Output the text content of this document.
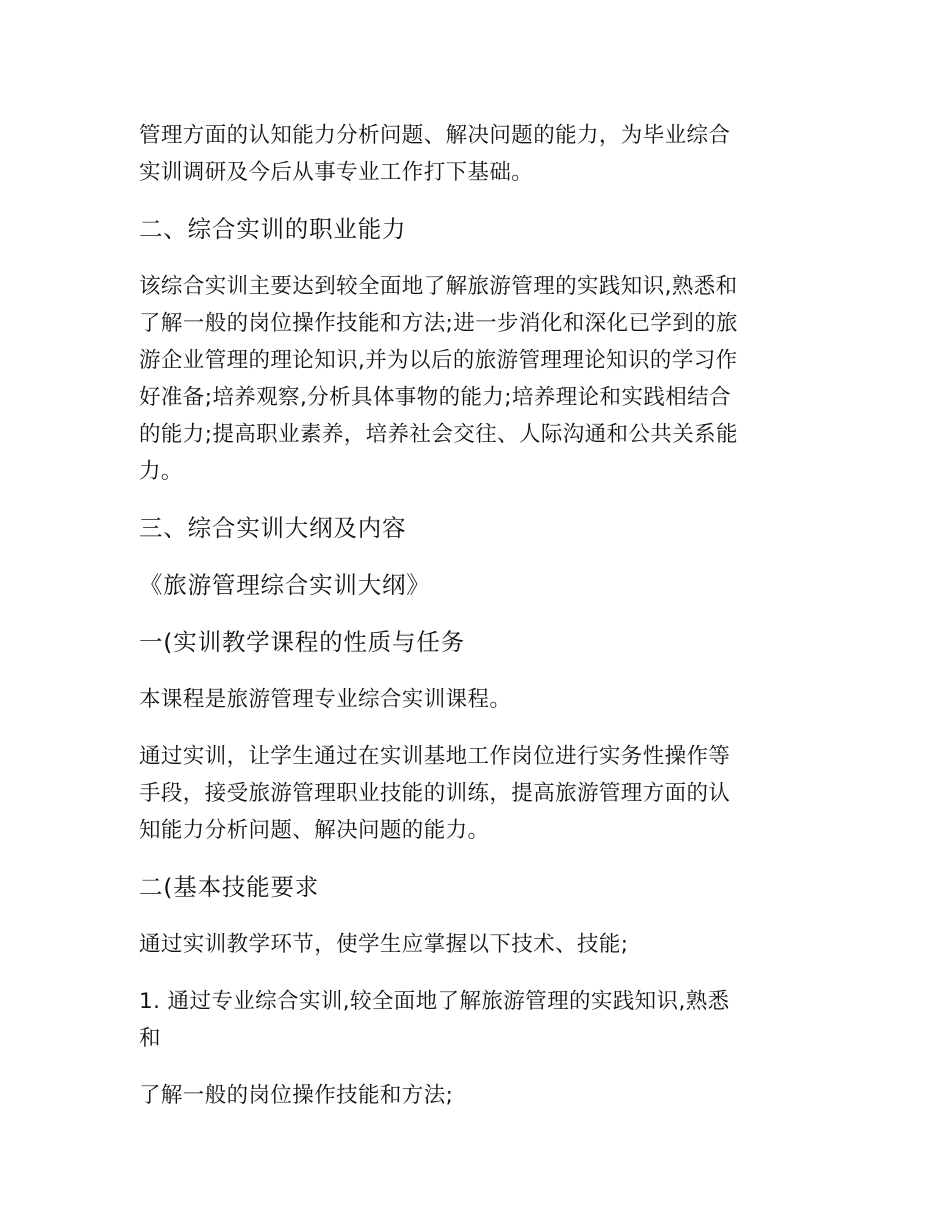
管理方面的认知能力分析问题、解决问题的能力，为毕业综合

实训调研及今后从事专业工作打下基础。

二、综合实训的职业能力

该综合实训主要达到较全面地了解旅游管理的实践知识,熟悉和

了解一般的岗位操作技能和方法;进一步消化和深化已学到的旅

游企业管理的理论知识,并为以后的旅游管理理论知识的学习作

好准备;培养观察,分析具体事物的能力;培养理论和实践相结合

的能力;提高职业素养，培养社会交往、人际沟通和公共关系能

力。

三、综合实训大纲及内容

《旅游管理综合实训大纲》

一(实训教学课程的性质与任务

本课程是旅游管理专业综合实训课程。

通过实训，让学生通过在实训基地工作岗位进行实务性操作等

手段，接受旅游管理职业技能的训练，提高旅游管理方面的认

知能力分析问题、解决问题的能力。

二(基本技能要求

通过实训教学环节，使学生应掌握以下技术、技能;

1. 通过专业综合实训,较全面地了解旅游管理的实践知识,熟悉

和

了解一般的岗位操作技能和方法;
